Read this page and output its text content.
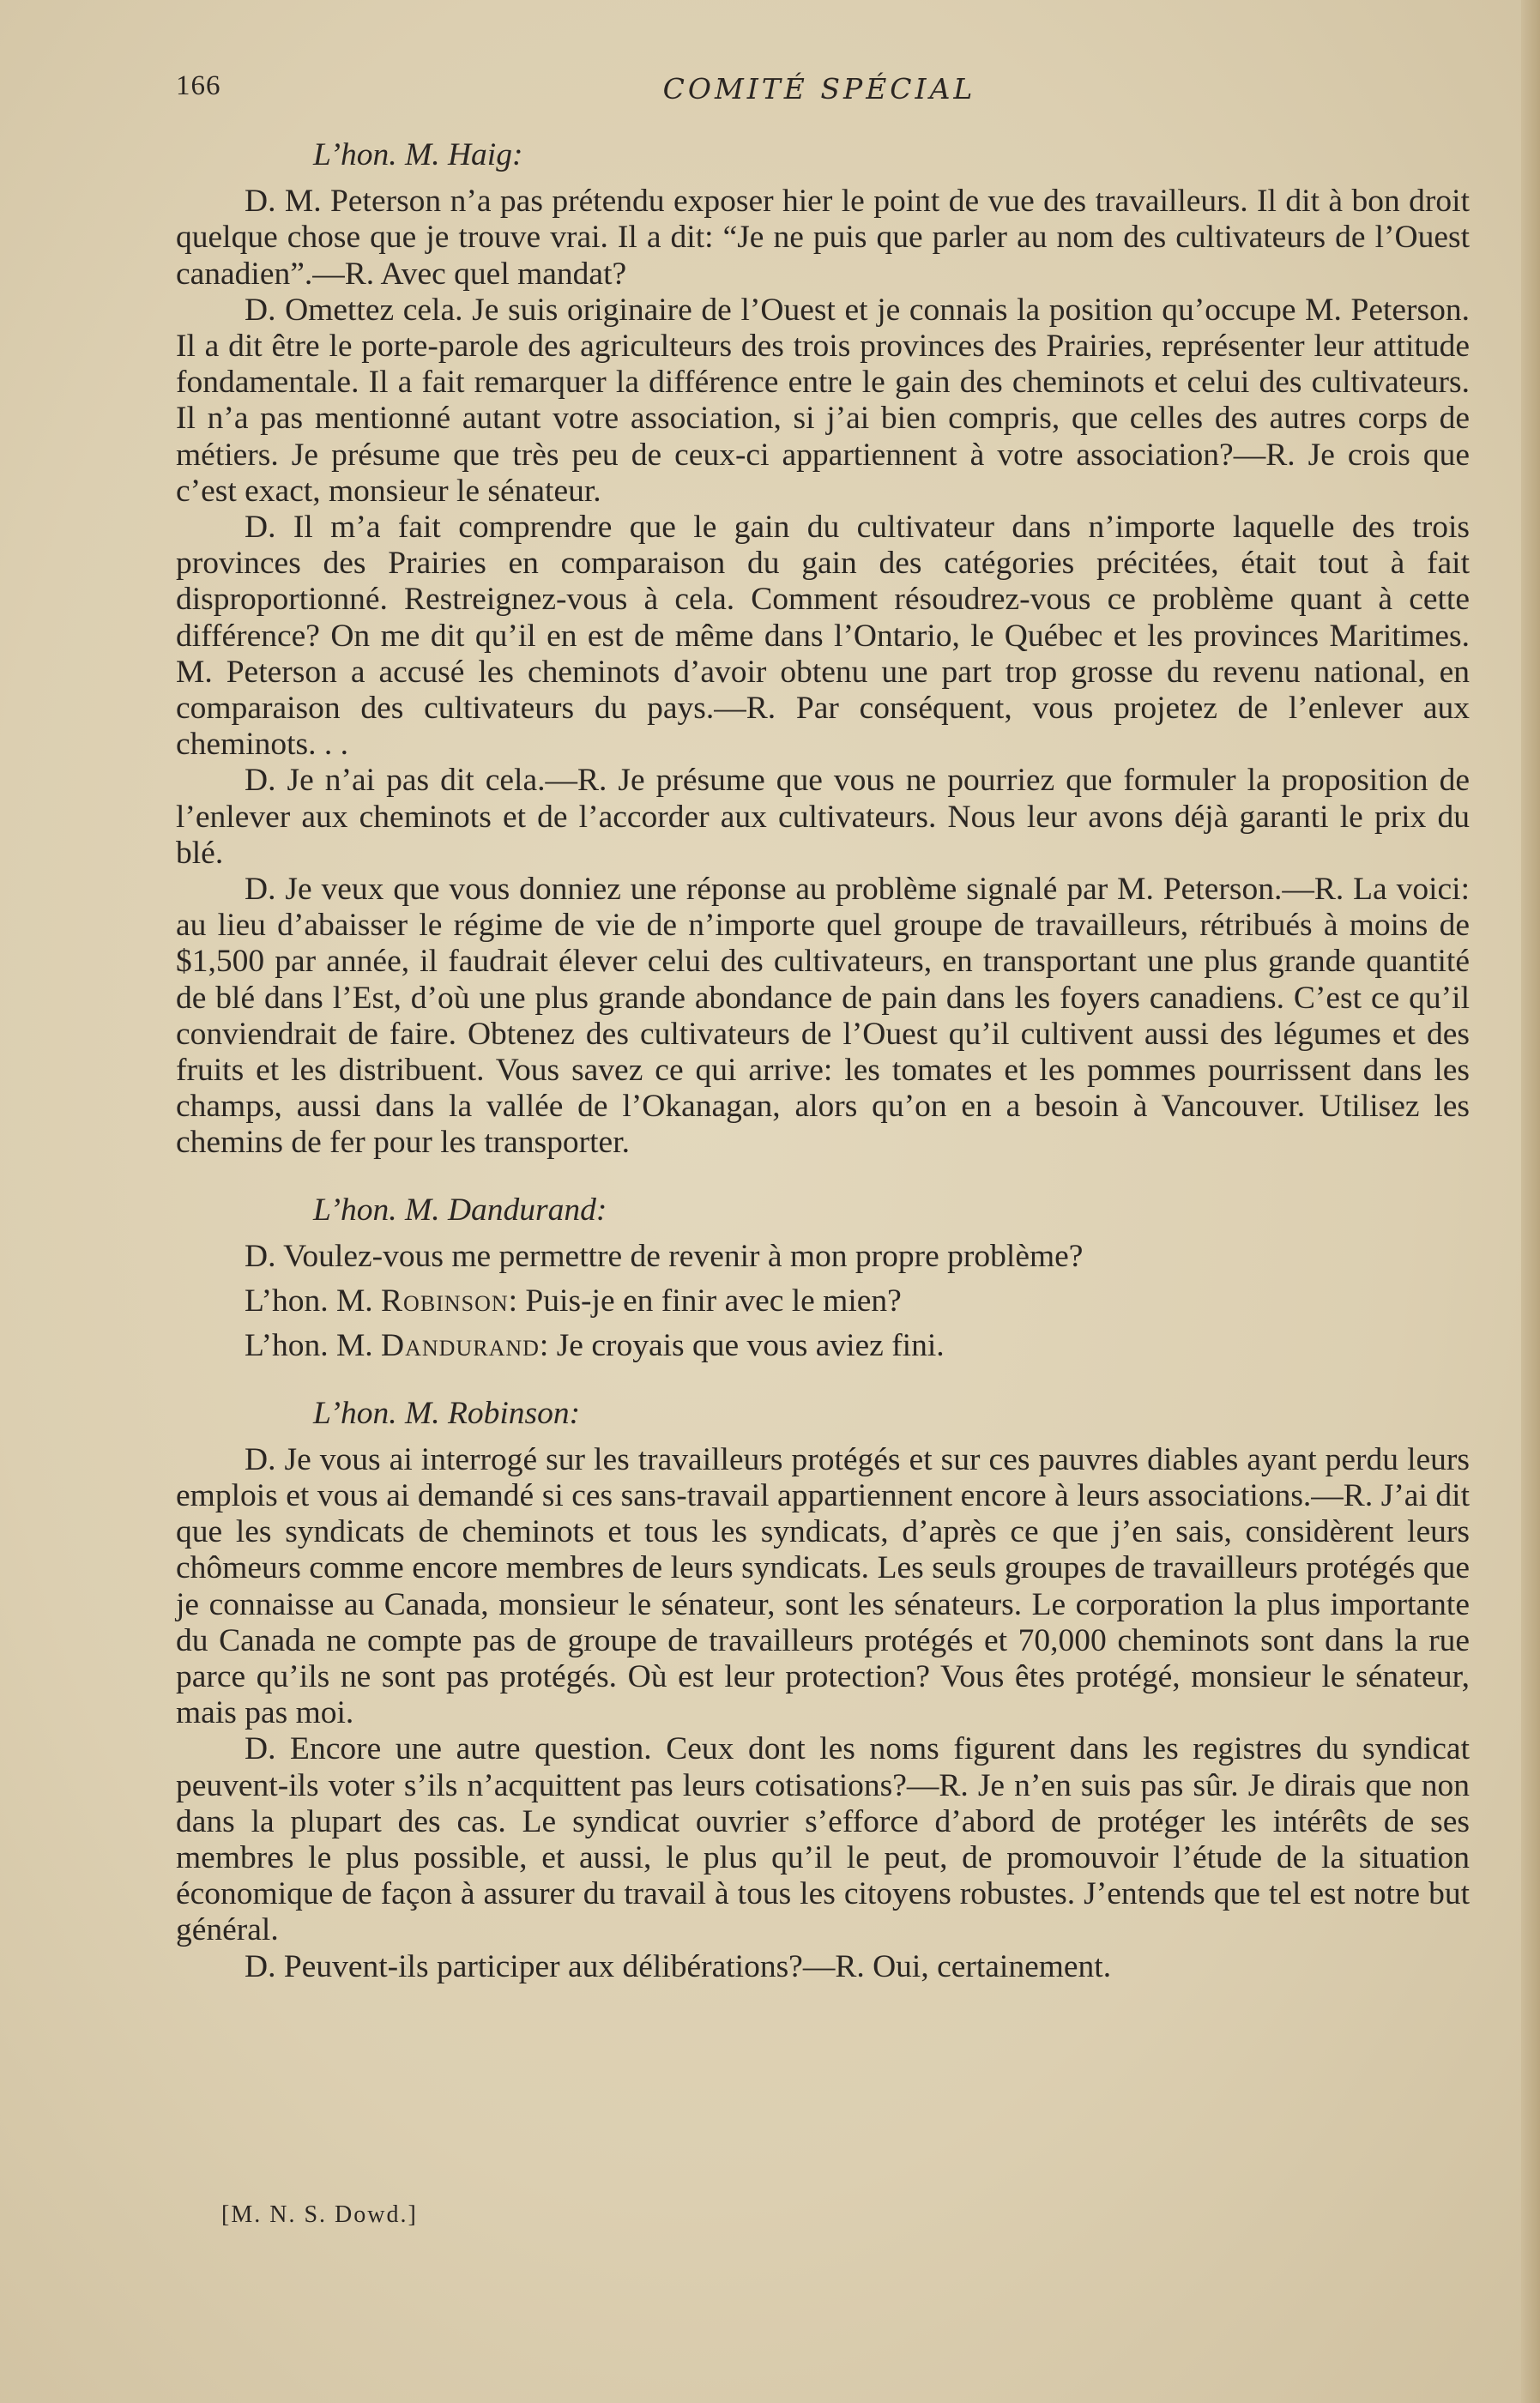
166	COMITÉ SPÉCIAL

L’hon. M. Haig:

D. M. Peterson n’a pas prétendu exposer hier le point de vue des travailleurs. Il dit à bon droit quelque chose que je trouve vrai. Il a dit: “Je ne puis que parler au nom des cultivateurs de l’Ouest canadien”.—R. Avec quel mandat?

D. Omettez cela. Je suis originaire de l’Ouest et je connais la position qu’occupe M. Peterson. Il a dit être le porte-parole des agriculteurs des trois provinces des Prairies, représenter leur attitude fondamentale. Il a fait remarquer la différence entre le gain des cheminots et celui des cultivateurs. Il n’a pas mentionné autant votre association, si j’ai bien compris, que celles des autres corps de métiers. Je présume que très peu de ceux-ci appartiennent à votre association?—R. Je crois que c’est exact, monsieur le sénateur.

D. Il m’a fait comprendre que le gain du cultivateur dans n’importe laquelle des trois provinces des Prairies en comparaison du gain des catégories précitées, était tout à fait disproportionné. Restreignez-vous à cela. Comment résoudrez-vous ce problème quant à cette différence? On me dit qu’il en est de même dans l’Ontario, le Québec et les provinces Maritimes. M. Peterson a accusé les cheminots d’avoir obtenu une part trop grosse du revenu national, en comparaison des cultivateurs du pays.—R. Par conséquent, vous projetez de l’enlever aux cheminots. . .

D. Je n’ai pas dit cela.—R. Je présume que vous ne pourriez que formuler la proposition de l’enlever aux cheminots et de l’accorder aux cultivateurs. Nous leur avons déjà garanti le prix du blé.

D. Je veux que vous donniez une réponse au problème signalé par M. Peterson.—R. La voici: au lieu d’abaisser le régime de vie de n’importe quel groupe de travailleurs, rétribués à moins de $1,500 par année, il faudrait élever celui des cultivateurs, en transportant une plus grande quantité de blé dans l’Est, d’où une plus grande abondance de pain dans les foyers canadiens. C’est ce qu’il conviendrait de faire. Obtenez des cultivateurs de l’Ouest qu’il cultivent aussi des légumes et des fruits et les distribuent. Vous savez ce qui arrive: les tomates et les pommes pourrissent dans les champs, aussi dans la vallée de l’Okanagan, alors qu’on en a besoin à Vancouver. Utilisez les chemins de fer pour les transporter.

L’hon. M. Dandurand:

D. Voulez-vous me permettre de revenir à mon propre problème?

L’hon. M. Robinson: Puis-je en finir avec le mien?

L’hon. M. Dandurand: Je croyais que vous aviez fini.

L’hon. M. Robinson:

D. Je vous ai interrogé sur les travailleurs protégés et sur ces pauvres diables ayant perdu leurs emplois et vous ai demandé si ces sans-travail appartiennent encore à leurs associations.—R. J’ai dit que les syndicats de cheminots et tous les syndicats, d’après ce que j’en sais, considèrent leurs chômeurs comme encore membres de leurs syndicats. Les seuls groupes de travailleurs protégés que je connaisse au Canada, monsieur le sénateur, sont les sénateurs. Le corporation la plus importante du Canada ne compte pas de groupe de travailleurs protégés et 70,000 cheminots sont dans la rue parce qu’ils ne sont pas protégés. Où est leur protection? Vous êtes protégé, monsieur le sénateur, mais pas moi.

D. Encore une autre question. Ceux dont les noms figurent dans les registres du syndicat peuvent-ils voter s’ils n’acquittent pas leurs cotisations?—R. Je n’en suis pas sûr. Je dirais que non dans la plupart des cas. Le syndicat ouvrier s’efforce d’abord de protéger les intérêts de ses membres le plus possible, et aussi, le plus qu’il le peut, de promouvoir l’étude de la situation économique de façon à assurer du travail à tous les citoyens robustes. J’entends que tel est notre but général.

D. Peuvent-ils participer aux délibérations?—R. Oui, certainement.

[M. N. S. Dowd.]
